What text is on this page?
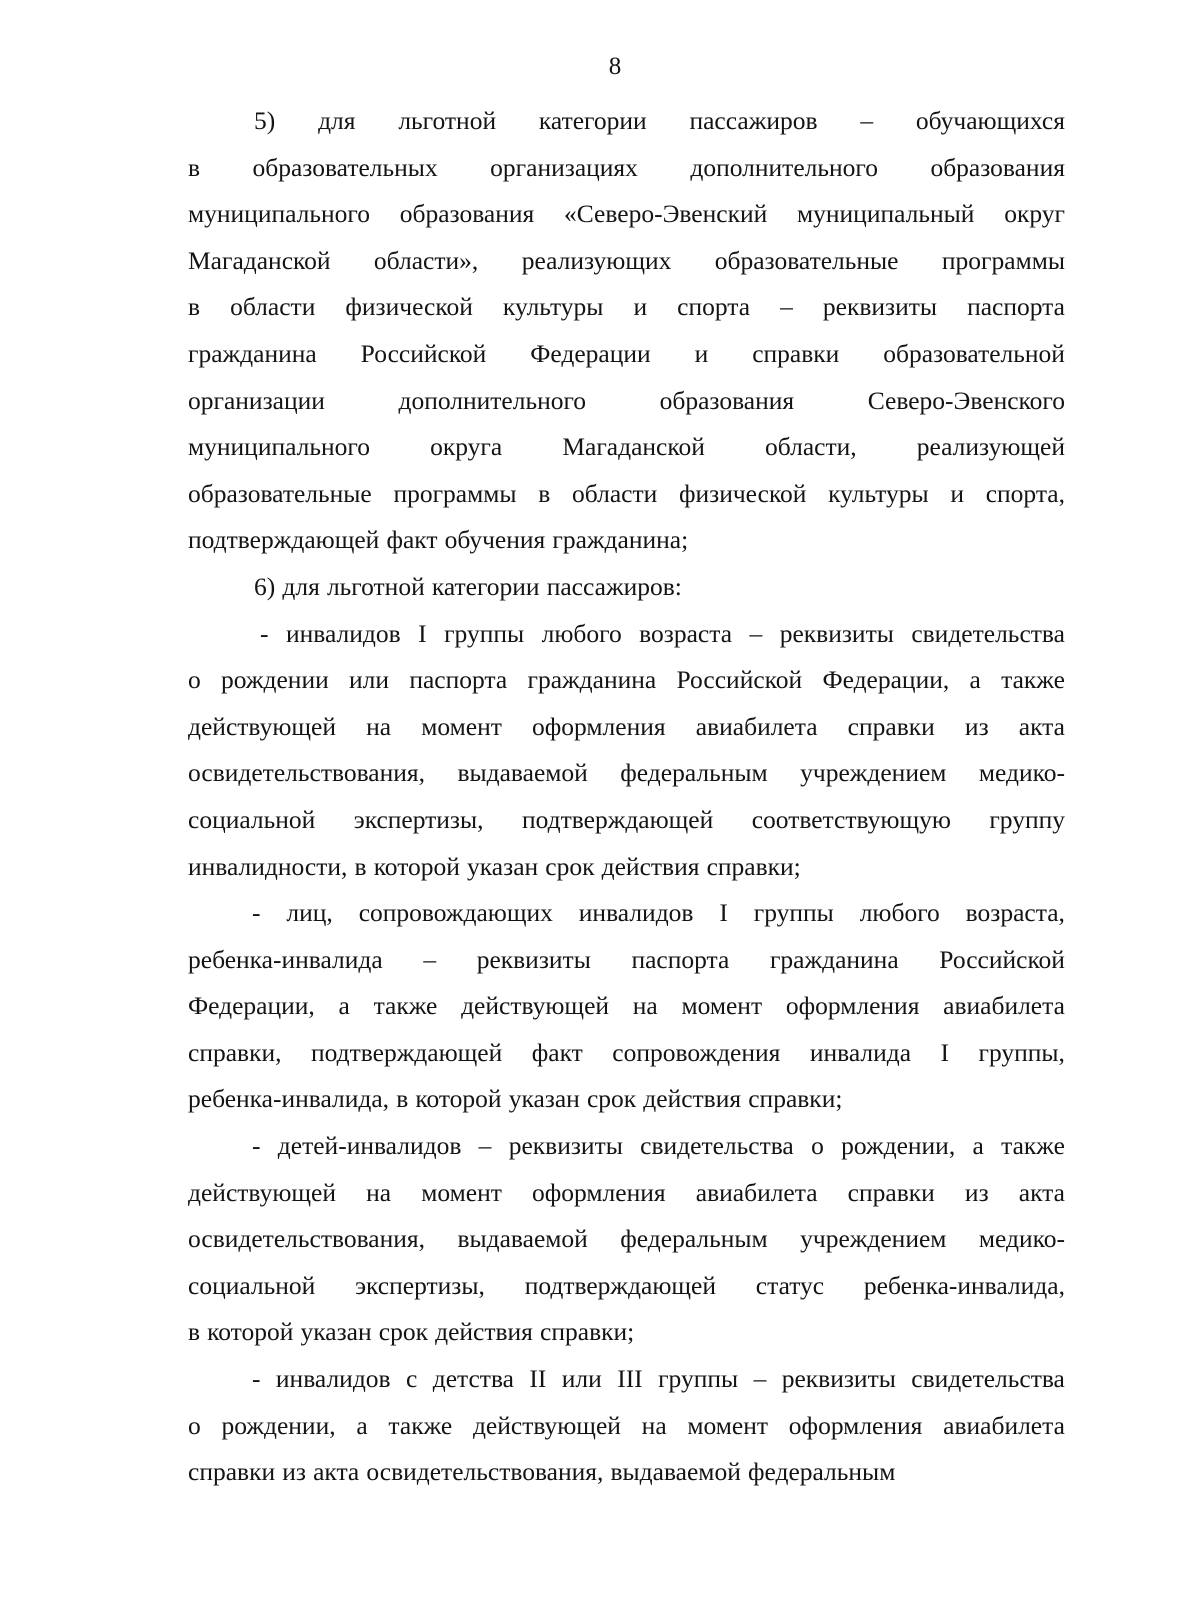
8
5) для льготной категории пассажиров – обучающихся
в образовательных организациях дополнительного образования
муниципального образования «Северо-Эвенский муниципальный округ
Магаданской области», реализующих образовательные программы
в области физической культуры и спорта – реквизиты паспорта
гражданина Российской Федерации и справки образовательной
организации	дополнительного	образования	Северо-Эвенского
муниципального округа Магаданской области, реализующей
образовательные программы в области физической культуры и спорта,
подтверждающей факт обучения гражданина;
6) для льготной категории пассажиров:
- инвалидов I группы любого возраста – реквизиты свидетельства
о рождении или паспорта гражданина Российской Федерации, а также
действующей на момент оформления авиабилета справки из акта
освидетельствования, выдаваемой федеральным учреждением медико-
социальной экспертизы, подтверждающей соответствующую группу
инвалидности, в которой указан срок действия справки;
- лиц, сопровождающих инвалидов I группы любого возраста,
ребенка-инвалида – реквизиты паспорта гражданина Российской
Федерации, а также действующей на момент оформления авиабилета
справки, подтверждающей факт сопровождения инвалида I группы,
ребенка-инвалида, в которой указан срок действия справки;
- детей-инвалидов – реквизиты свидетельства о рождении, а также
действующей на момент оформления авиабилета справки из акта
освидетельствования, выдаваемой федеральным учреждением медико-
социальной экспертизы, подтверждающей статус ребенка-инвалида,
в которой указан срок действия справки;
- инвалидов с детства II или III группы – реквизиты свидетельства
о рождении, а также действующей на момент оформления авиабилета
справки из акта освидетельствования, выдаваемой федеральным
